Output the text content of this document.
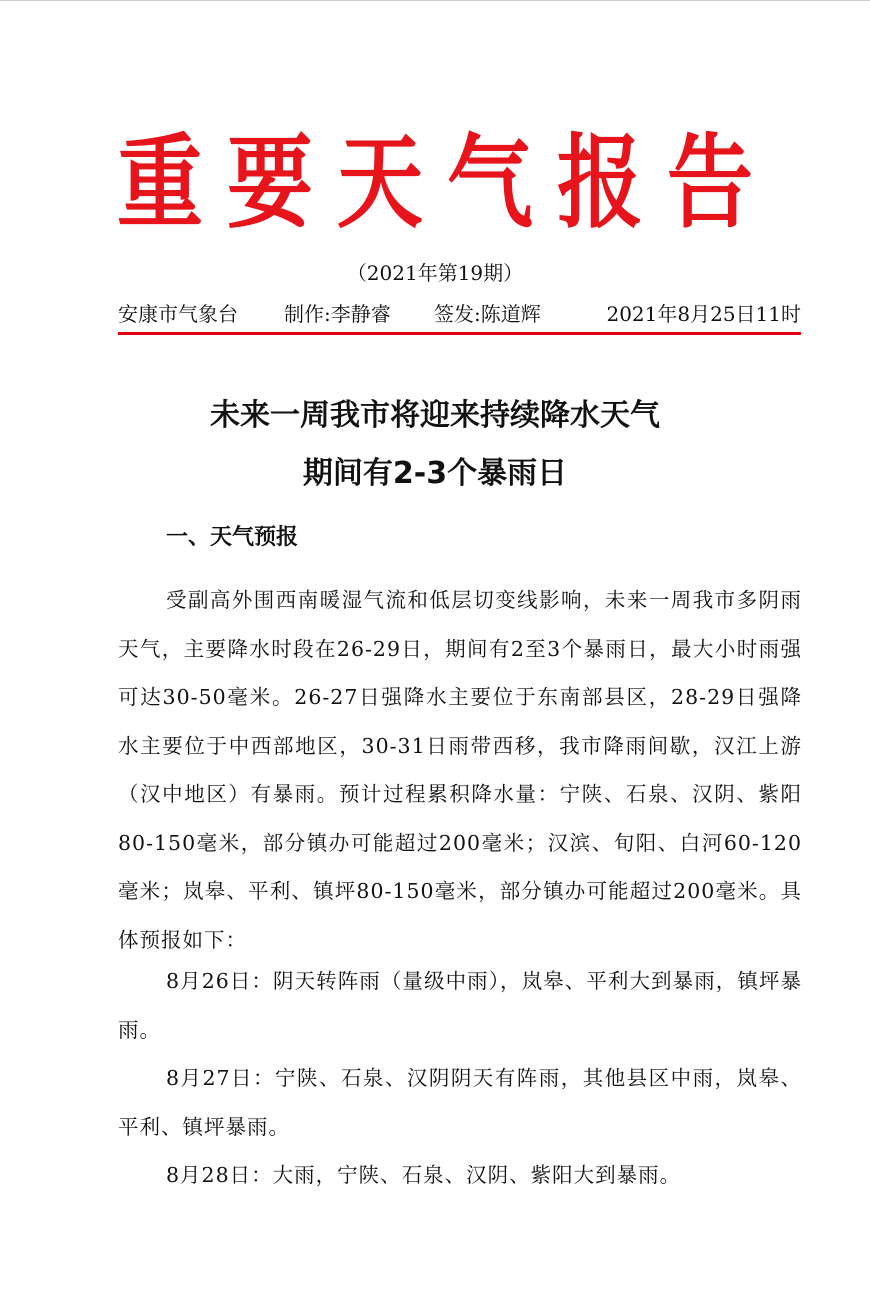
重要天气报告
（2021年第19期）
安康市气象台 制作:李静睿 签发:陈道辉	2021年8月25日11时
未来一周我市将迎来持续降水天气
期间有2-3个暴雨日
一、天气预报

受副高外围西南暖湿气流和低层切变线影响，未来一周我市多阴雨天气，主要降水时段在26-29日，期间有2至3个暴雨日，最大小时雨强可达30-50毫米。26-27日强降水主要位于东南部县区，28-29日强降水主要位于中西部地区，30-31日雨带西移，我市降雨间歇，汉江上游（汉中地区）有暴雨。预计过程累积降水量：宁陕、石泉、汉阴、紫阳80-150毫米，部分镇办可能超过200毫米；汉滨、旬阳、白河60-120毫米；岚皋、平利、镇坪80-150毫米，部分镇办可能超过200毫米。具体预报如下：

8月26日：阴天转阵雨（量级中雨），岚皋、平利大到暴雨，镇坪暴雨。

8月27日：宁陕、石泉、汉阴阴天有阵雨，其他县区中雨，岚皋、平利、镇坪暴雨。

8月28日：大雨，宁陕、石泉、汉阴、紫阳大到暴雨。
